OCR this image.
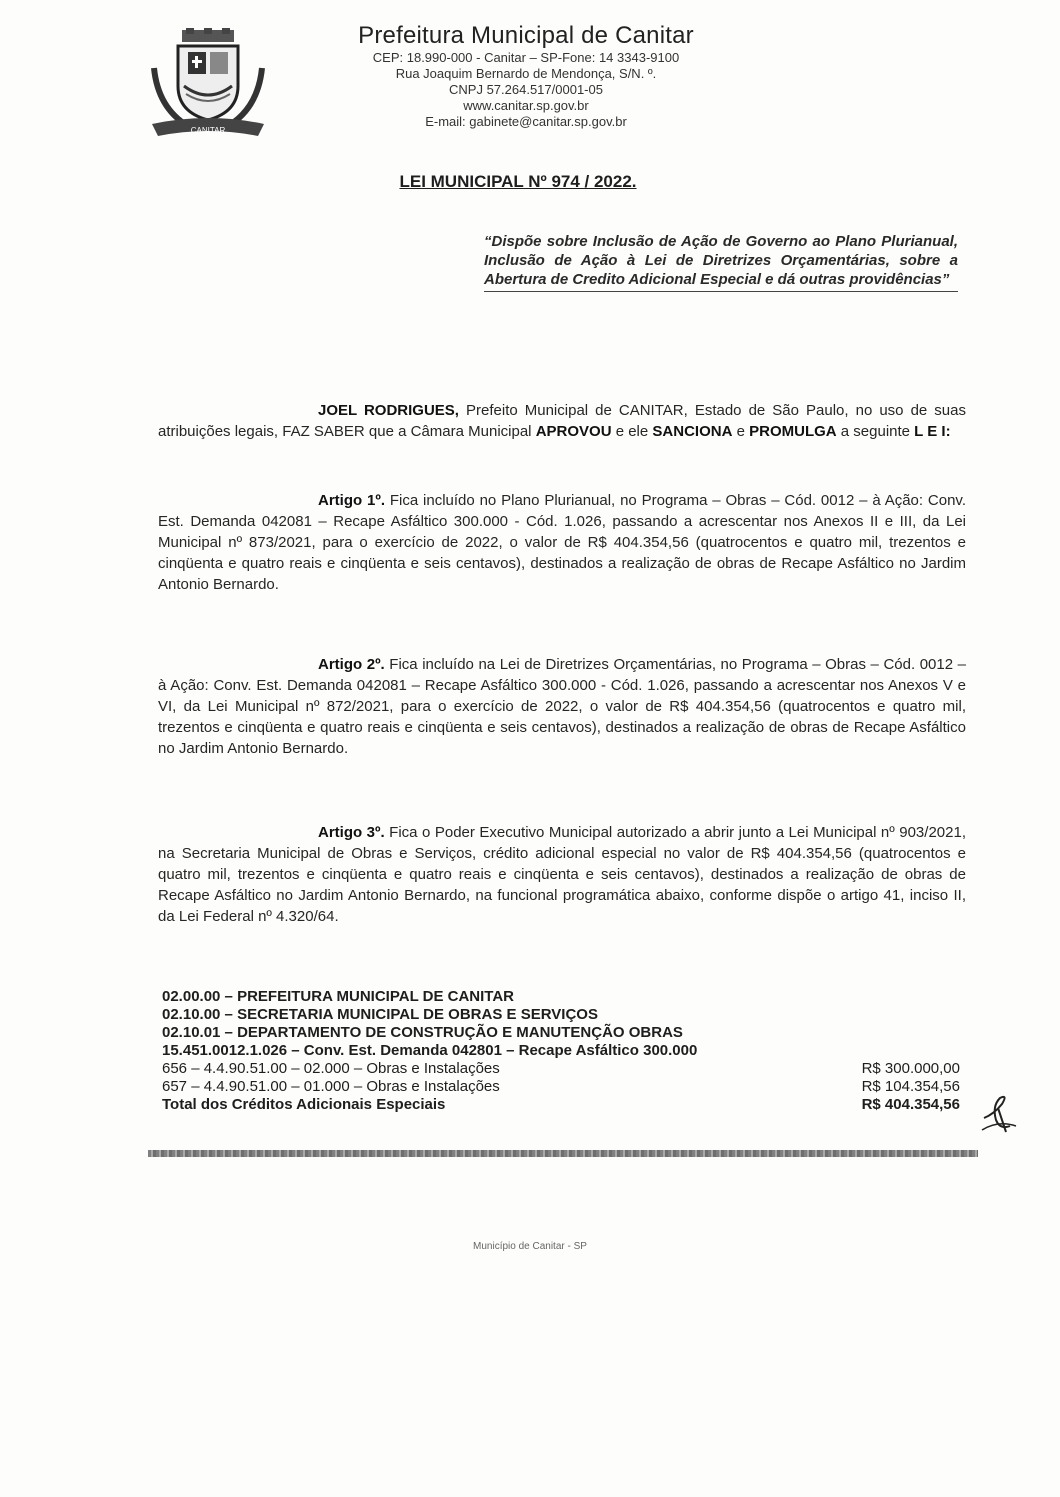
CANITAR
Prefeitura Municipal de Canitar
CEP: 18.990-000 - Canitar – SP-Fone: 14 3343-9100
Rua Joaquim Bernardo de Mendonça, S/N. º.
CNPJ 57.264.517/0001-05
www.canitar.sp.gov.br
E-mail: gabinete@canitar.sp.gov.br
LEI MUNICIPAL Nº 974 / 2022.
“Dispõe sobre Inclusão de Ação de Governo ao Plano Plurianual, Inclusão de Ação à Lei de Diretrizes Orçamentárias, sobre a Abertura de Credito Adicional Especial e dá outras providências”
JOEL RODRIGUES, Prefeito Municipal de CANITAR, Estado de São Paulo, no uso de suas atribuições legais, FAZ SABER que a Câmara Municipal APROVOU e ele SANCIONA e PROMULGA a seguinte L E I:
Artigo 1º. Fica incluído no Plano Plurianual, no Programa – Obras – Cód. 0012 – à Ação: Conv. Est. Demanda 042081 – Recape Asfáltico 300.000 - Cód. 1.026, passando a acrescentar nos Anexos II e III, da Lei Municipal nº 873/2021, para o exercício de 2022, o valor de R$ 404.354,56 (quatrocentos e quatro mil, trezentos e cinqüenta e quatro reais e cinqüenta e seis centavos), destinados a realização de obras de Recape Asfáltico no Jardim Antonio Bernardo.
Artigo 2º. Fica incluído na Lei de Diretrizes Orçamentárias, no Programa – Obras – Cód. 0012 – à Ação: Conv. Est. Demanda 042081 – Recape Asfáltico 300.000 - Cód. 1.026, passando a acrescentar nos Anexos V e VI, da Lei Municipal nº 872/2021, para o exercício de 2022, o valor de R$ 404.354,56 (quatrocentos e quatro mil, trezentos e cinqüenta e quatro reais e cinqüenta e seis centavos), destinados a realização de obras de Recape Asfáltico no Jardim Antonio Bernardo.
Artigo 3º. Fica o Poder Executivo Municipal autorizado a abrir junto a Lei Municipal nº 903/2021, na Secretaria Municipal de Obras e Serviços, crédito adicional especial no valor de R$ 404.354,56 (quatrocentos e quatro mil, trezentos e cinqüenta e quatro reais e cinqüenta e seis centavos), destinados a realização de obras de Recape Asfáltico no Jardim Antonio Bernardo, na funcional programática abaixo, conforme dispõe o artigo 41, inciso II, da Lei Federal nº 4.320/64.
02.00.00 – PREFEITURA MUNICIPAL DE CANITAR
02.10.00 – SECRETARIA MUNICIPAL DE OBRAS E SERVIÇOS
02.10.01 – DEPARTAMENTO DE CONSTRUÇÃO E MANUTENÇÃO OBRAS
15.451.0012.1.026 – Conv. Est. Demanda 042801 – Recape Asfáltico 300.000
656 – 4.4.90.51.00 – 02.000 – Obras e Instalações	R$ 300.000,00
657 – 4.4.90.51.00 – 01.000 – Obras e Instalações	R$ 104.354,56
Total dos Créditos Adicionais Especiais	R$ 404.354,56
Município de Canitar - SP
